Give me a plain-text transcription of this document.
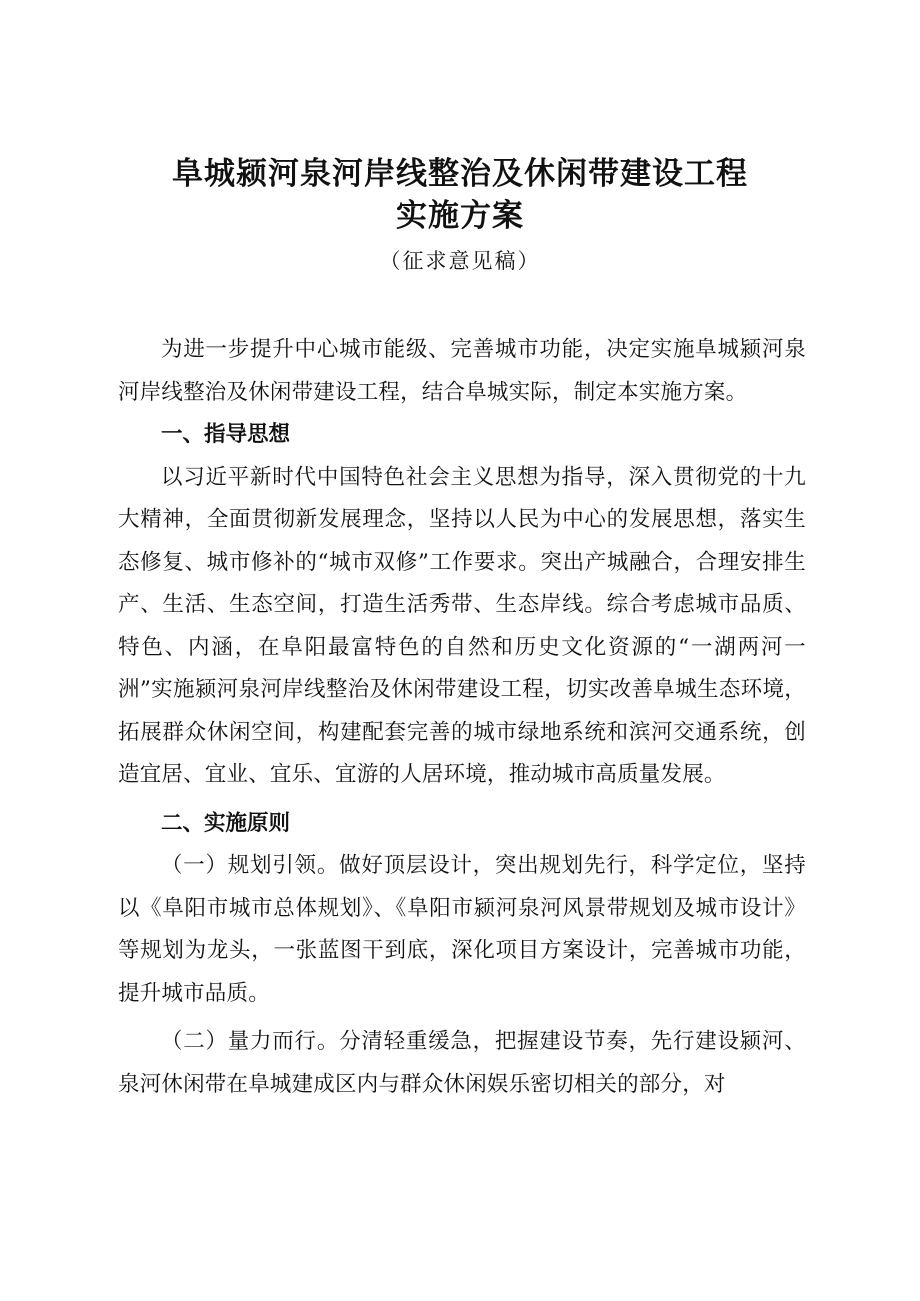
阜城颍河泉河岸线整治及休闲带建设工程
实施方案
（征求意见稿）

为进一步提升中心城市能级、完善城市功能，决定实施阜城颍河泉河岸线整治及休闲带建设工程，结合阜城实际，制定本实施方案。

一、指导思想

以习近平新时代中国特色社会主义思想为指导，深入贯彻党的十九大精神，全面贯彻新发展理念，坚持以人民为中心的发展思想，落实生态修复、城市修补的“城市双修”工作要求。突出产城融合，合理安排生产、生活、生态空间，打造生活秀带、生态岸线。综合考虑城市品质、特色、内涵，在阜阳最富特色的自然和历史文化资源的“一湖两河一洲”实施颍河泉河岸线整治及休闲带建设工程，切实改善阜城生态环境，拓展群众休闲空间，构建配套完善的城市绿地系统和滨河交通系统，创造宜居、宜业、宜乐、宜游的人居环境，推动城市高质量发展。

二、实施原则

（一）规划引领。做好顶层设计，突出规划先行，科学定位，坚持以《阜阳市城市总体规划》、《阜阳市颍河泉河风景带规划及城市设计》等规划为龙头，一张蓝图干到底，深化项目方案设计，完善城市功能，提升城市品质。

（二）量力而行。分清轻重缓急，把握建设节奏，先行建设颍河、泉河休闲带在阜城建成区内与群众休闲娱乐密切相关的部分，对
